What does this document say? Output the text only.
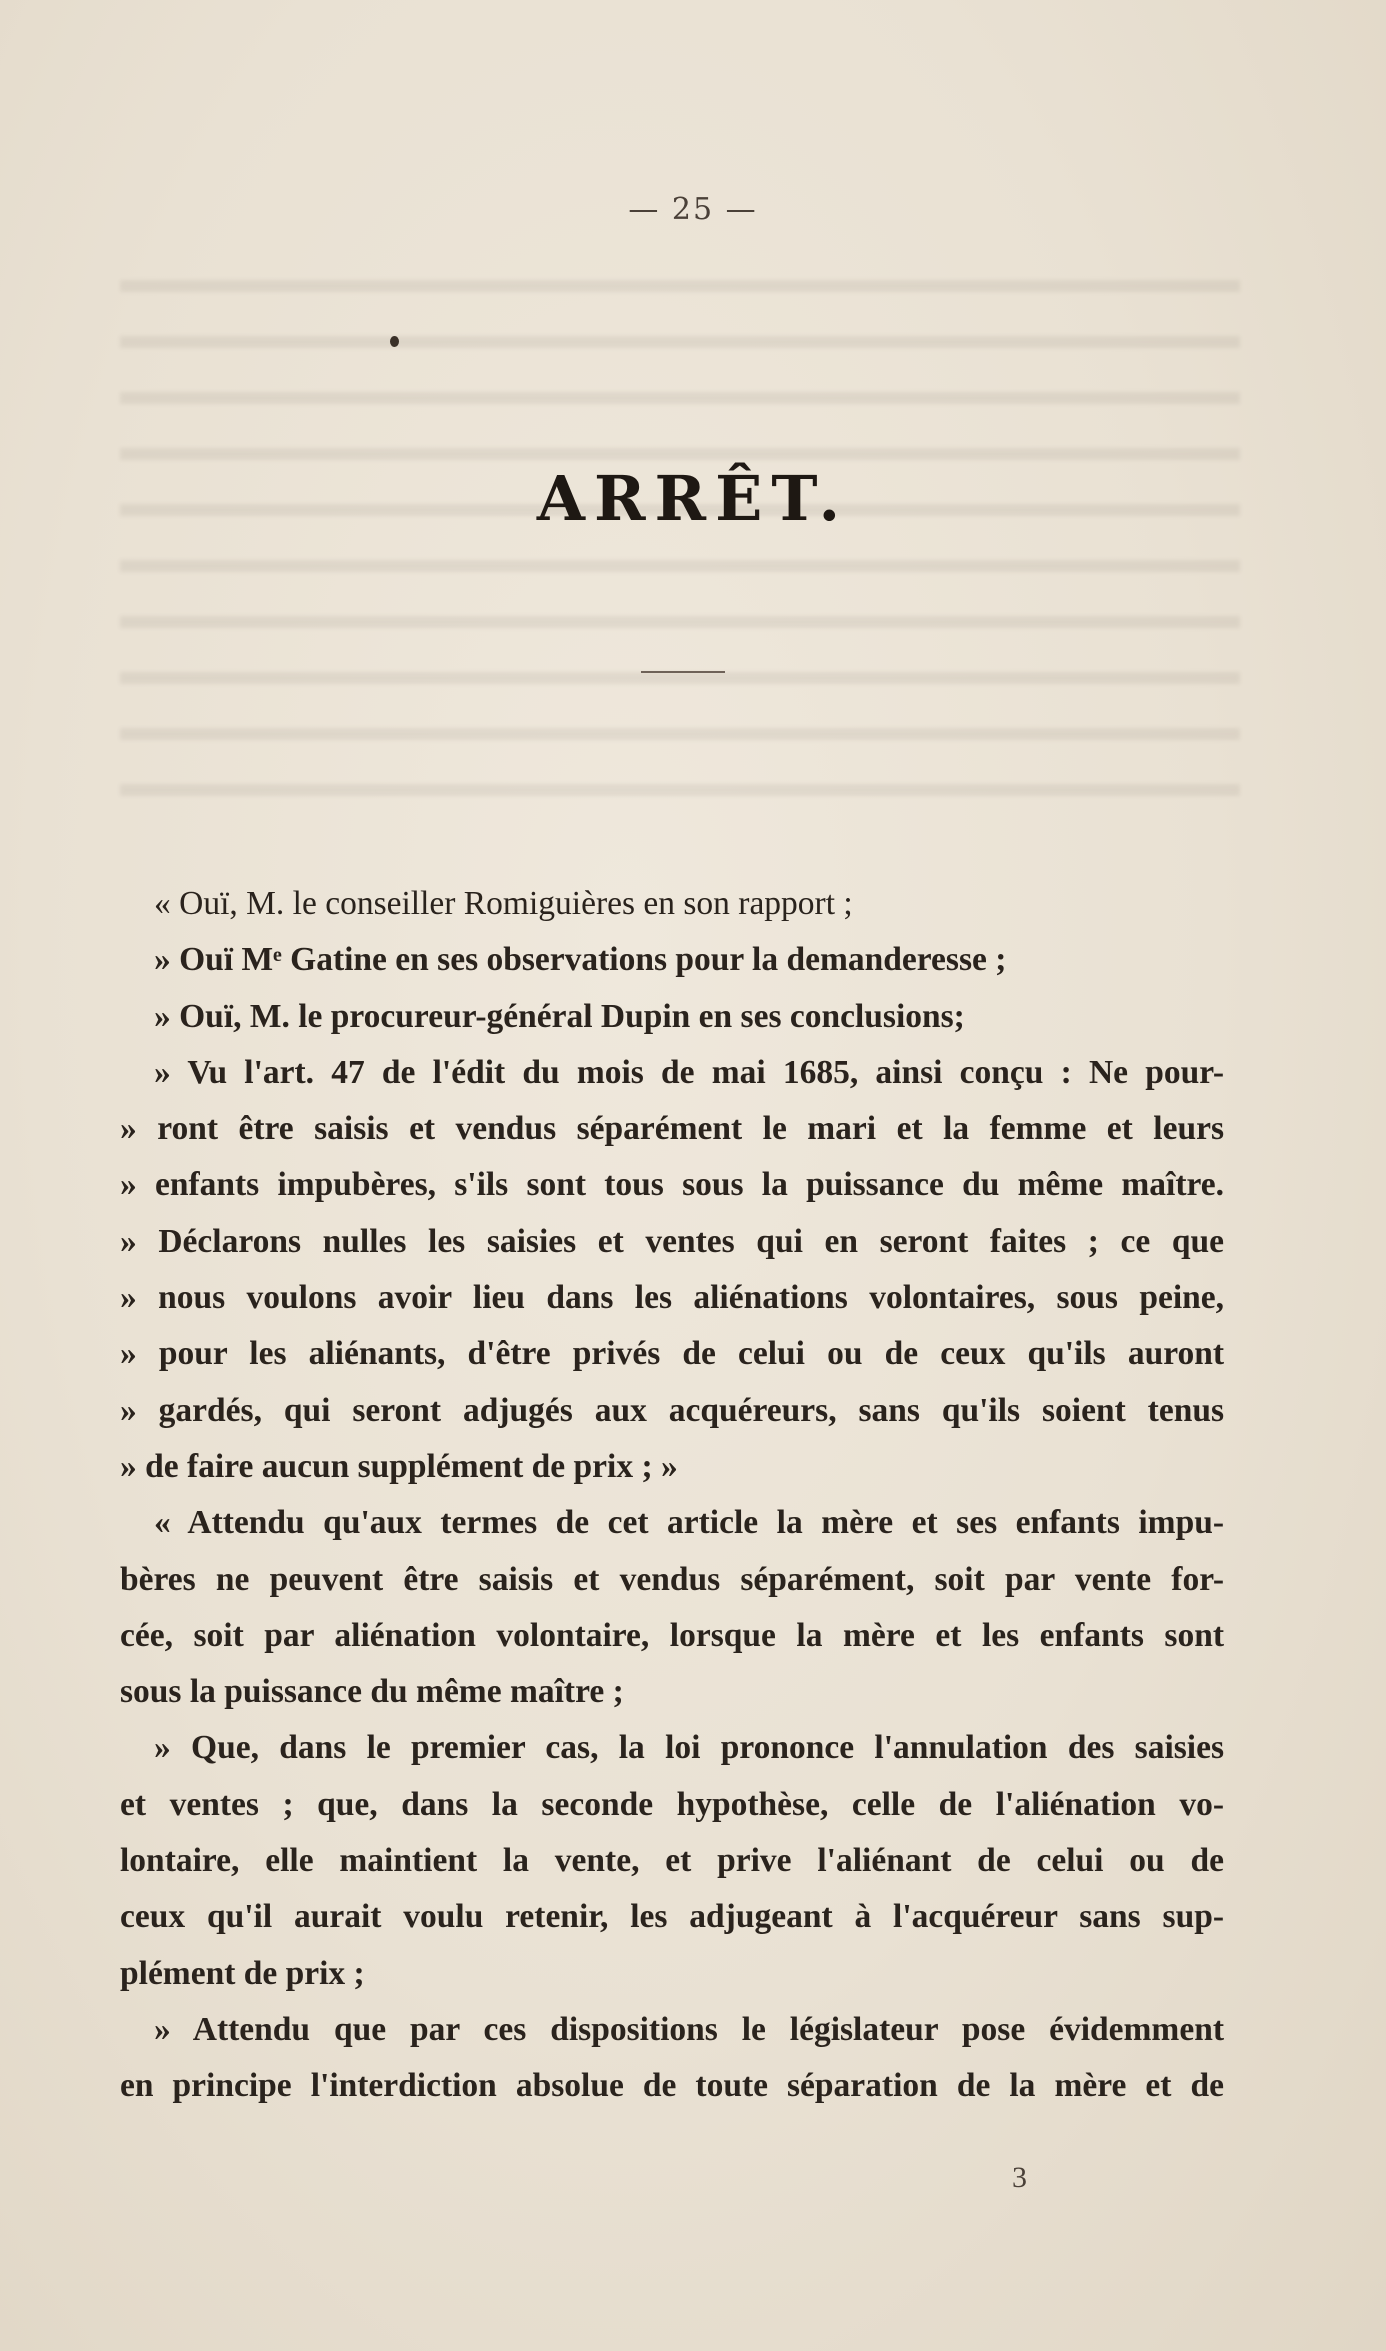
— 25 —
ARRÊT.
« Ouï, M. le conseiller Romiguières en son rapport ;
» Ouï Mᵉ Gatine en ses observations pour la demanderesse ;
» Ouï, M. le procureur-général Dupin en ses conclusions;
» Vu l'art. 47 de l'édit du mois de mai 1685, ainsi conçu : Ne pour-
» ront être saisis et vendus séparément le mari et la femme et leurs
» enfants impubères, s'ils sont tous sous la puissance du même maître.
» Déclarons nulles les saisies et ventes qui en seront faites ; ce que
» nous voulons avoir lieu dans les aliénations volontaires, sous peine,
» pour les aliénants, d'être privés de celui ou de ceux qu'ils auront
» gardés, qui seront adjugés aux acquéreurs, sans qu'ils soient tenus
» de faire aucun supplément de prix ; »
« Attendu qu'aux termes de cet article la mère et ses enfants impu-
bères ne peuvent être saisis et vendus séparément, soit par vente for-
cée, soit par aliénation volontaire, lorsque la mère et les enfants sont
sous la puissance du même maître ;
» Que, dans le premier cas, la loi prononce l'annulation des saisies
et ventes ; que, dans la seconde hypothèse, celle de l'aliénation vo-
lontaire, elle maintient la vente, et prive l'aliénant de celui ou de
ceux qu'il aurait voulu retenir, les adjugeant à l'acquéreur sans sup-
plément de prix ;
» Attendu que par ces dispositions le législateur pose évidemment
en principe l'interdiction absolue de toute séparation de la mère et de
3
